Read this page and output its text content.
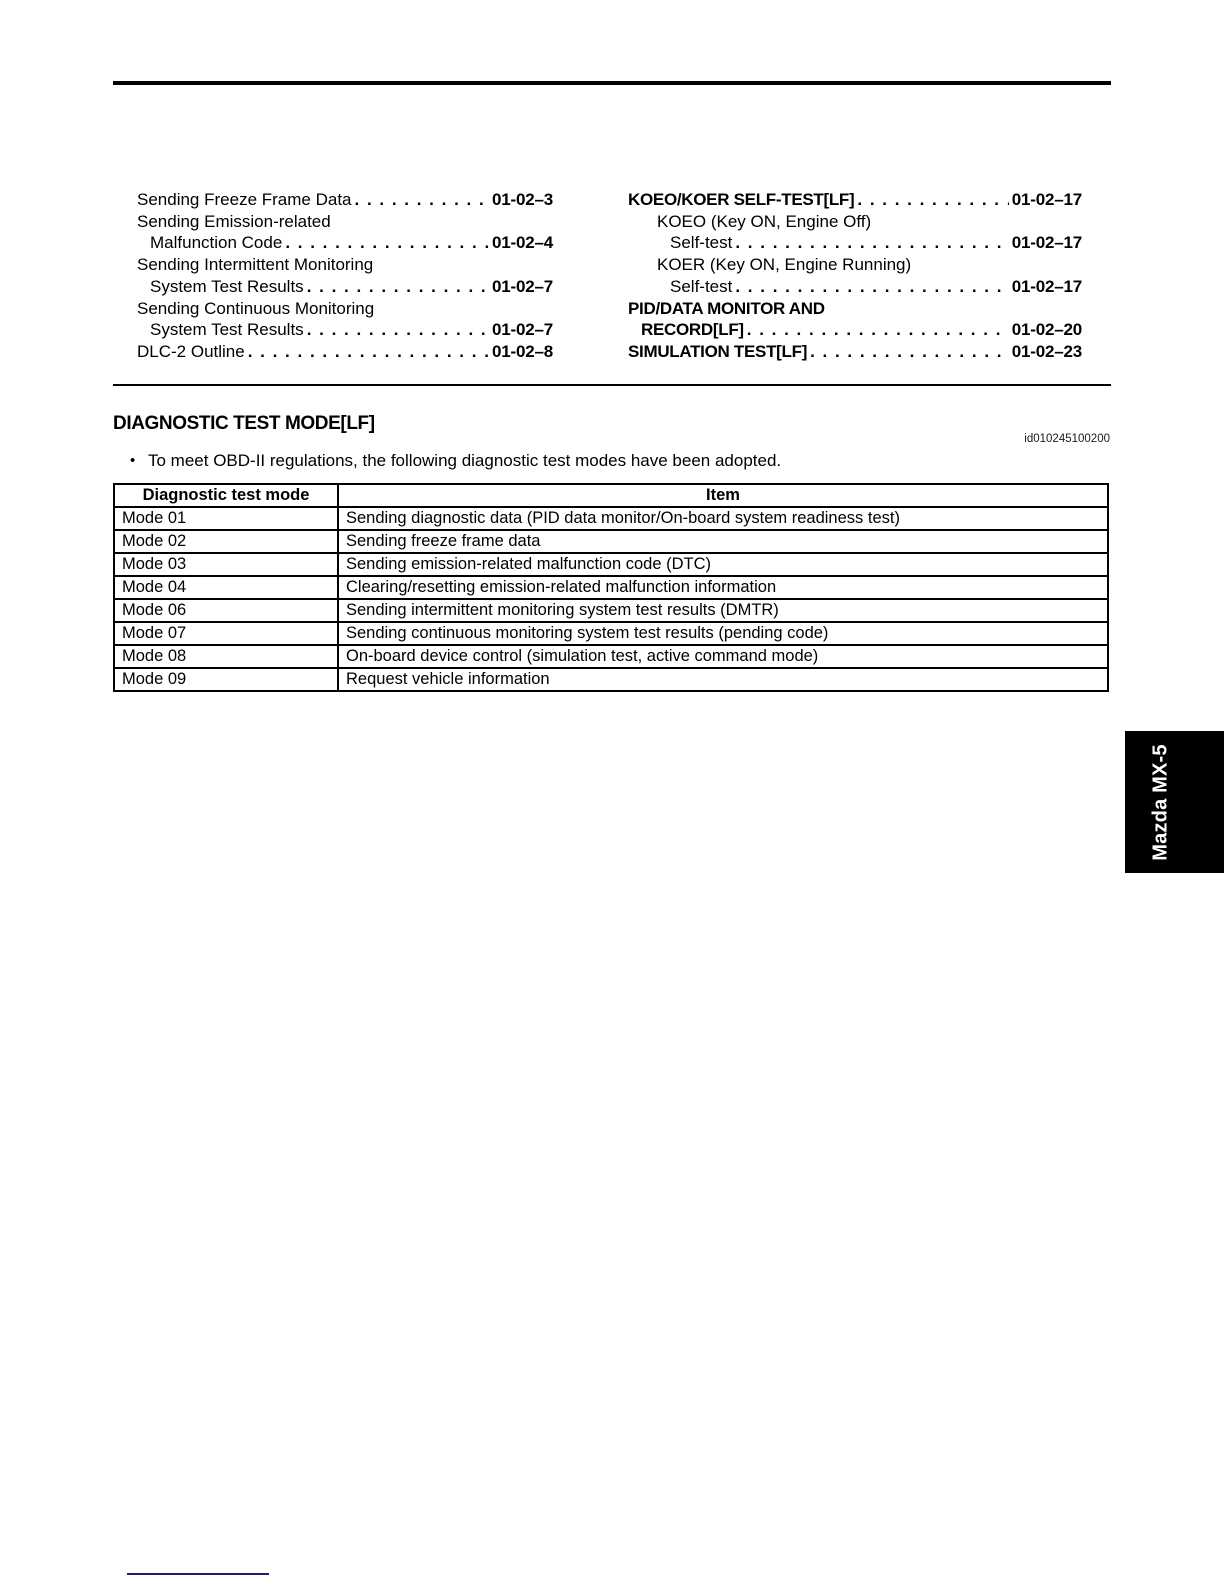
Sending Freeze Frame Data . . .	01-02–3
Sending Emission-related
Malfunction Code . . .	01-02–4
Sending Intermittent Monitoring
System Test Results . . .	01-02–7
Sending Continuous Monitoring
System Test Results . . .	01-02–7
DLC-2 Outline . . .	01-02–8
KOEO/KOER SELF-TEST[LF] . . .	01-02–17
KOEO (Key ON, Engine Off)
Self-test . . .	01-02–17
KOER (Key ON, Engine Running)
Self-test . . .	01-02–17
PID/DATA MONITOR AND
RECORD[LF] . . .	01-02–20
SIMULATION TEST[LF] . . .	01-02–23
DIAGNOSTIC TEST MODE[LF]
id010245100200
• To meet OBD-II regulations, the following diagnostic test modes have been adopted.
Diagnostic test mode	Item
Mode 01	Sending diagnostic data (PID data monitor/On-board system readiness test)
Mode 02	Sending freeze frame data
Mode 03	Sending emission-related malfunction code (DTC)
Mode 04	Clearing/resetting emission-related malfunction information
Mode 06	Sending intermittent monitoring system test results (DMTR)
Mode 07	Sending continuous monitoring system test results (pending code)
Mode 08	On-board device control (simulation test, active command mode)
Mode 09	Request vehicle information
Mazda MX-5
